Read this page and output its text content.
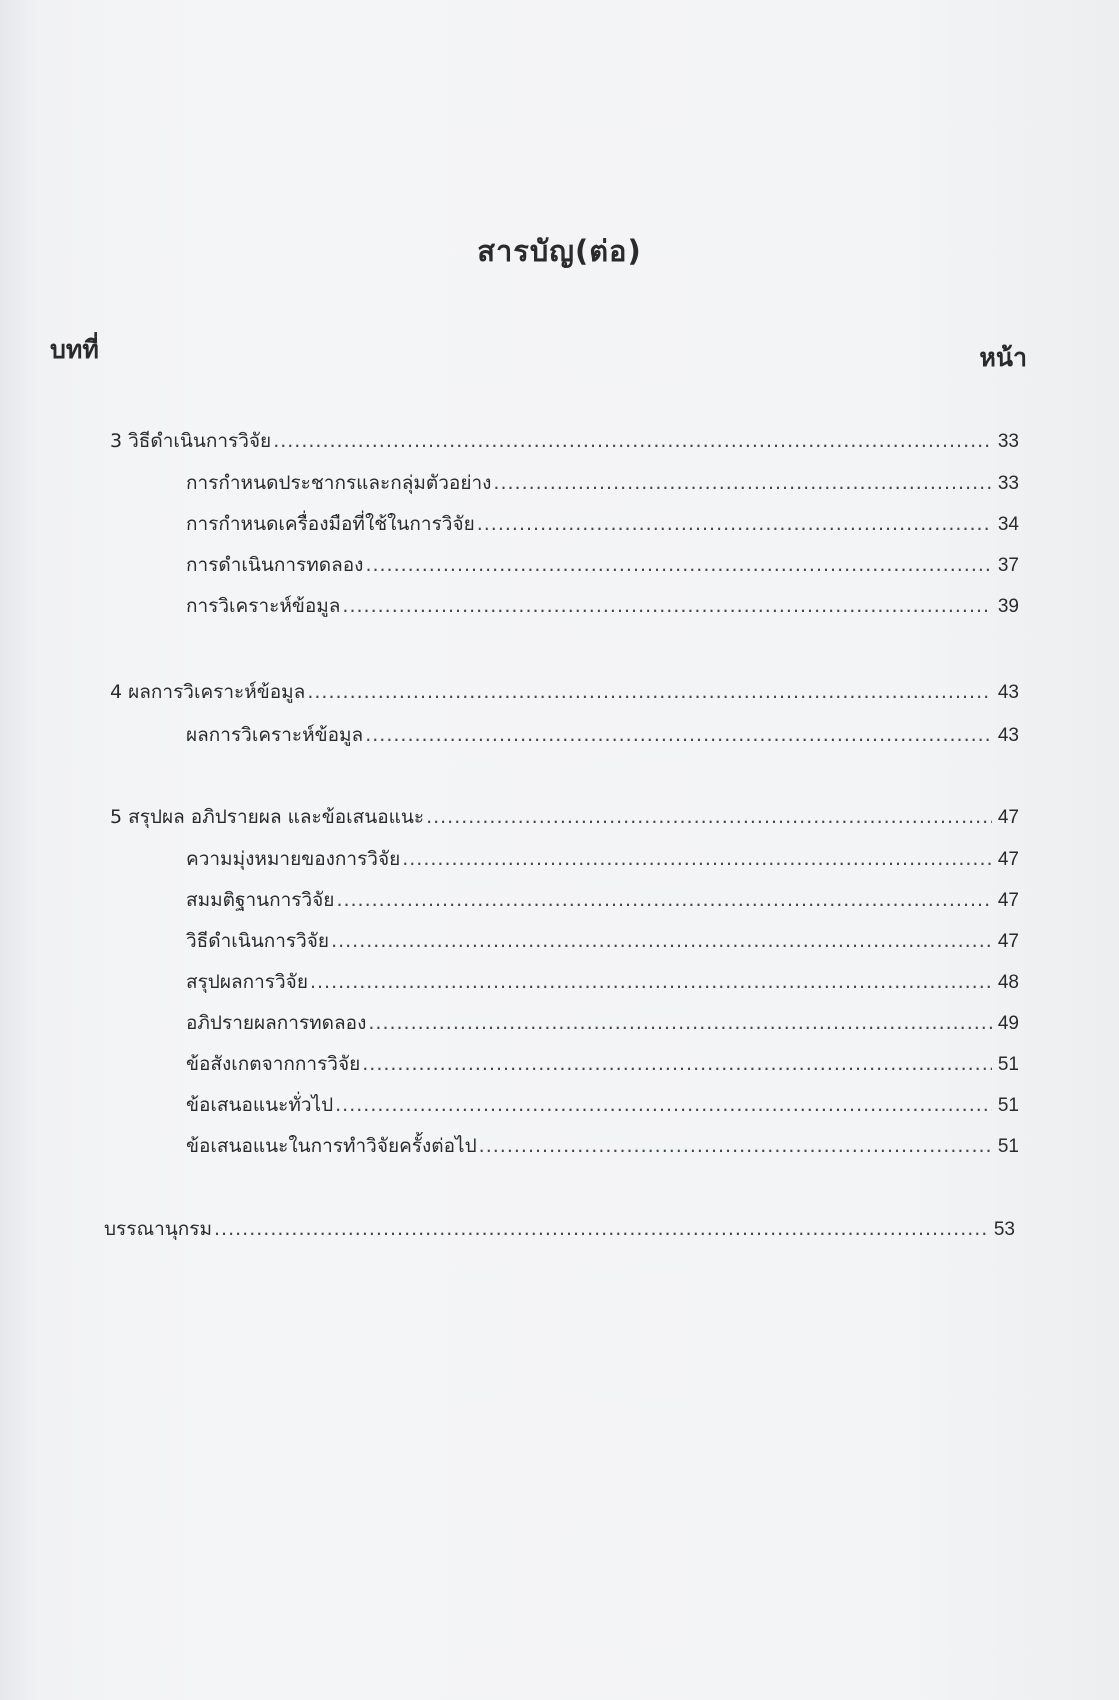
สารบัญ(ต่อ)
บทที่	หน้า
3 วิธีดำเนินการวิจัย .....	33
การกำหนดประชากรและกลุ่มตัวอย่าง .....	33
การกำหนดเครื่องมือที่ใช้ในการวิจัย .....	34
การดำเนินการทดลอง .....	37
การวิเคราะห์ข้อมูล .....	39
4 ผลการวิเคราะห์ข้อมูล .....	43
ผลการวิเคราะห์ข้อมูล .....	43
5 สรุปผล อภิปรายผล และข้อเสนอแนะ .....	47
ความมุ่งหมายของการวิจัย .....	47
สมมติฐานการวิจัย .....	47
วิธีดำเนินการวิจัย .....	47
สรุปผลการวิจัย .....	48
อภิปรายผลการทดลอง .....	49
ข้อสังเกตจากการวิจัย .....	51
ข้อเสนอแนะทั่วไป .....	51
ข้อเสนอแนะในการทำวิจัยครั้งต่อไป .....	51
บรรณานุกรม .....	53
